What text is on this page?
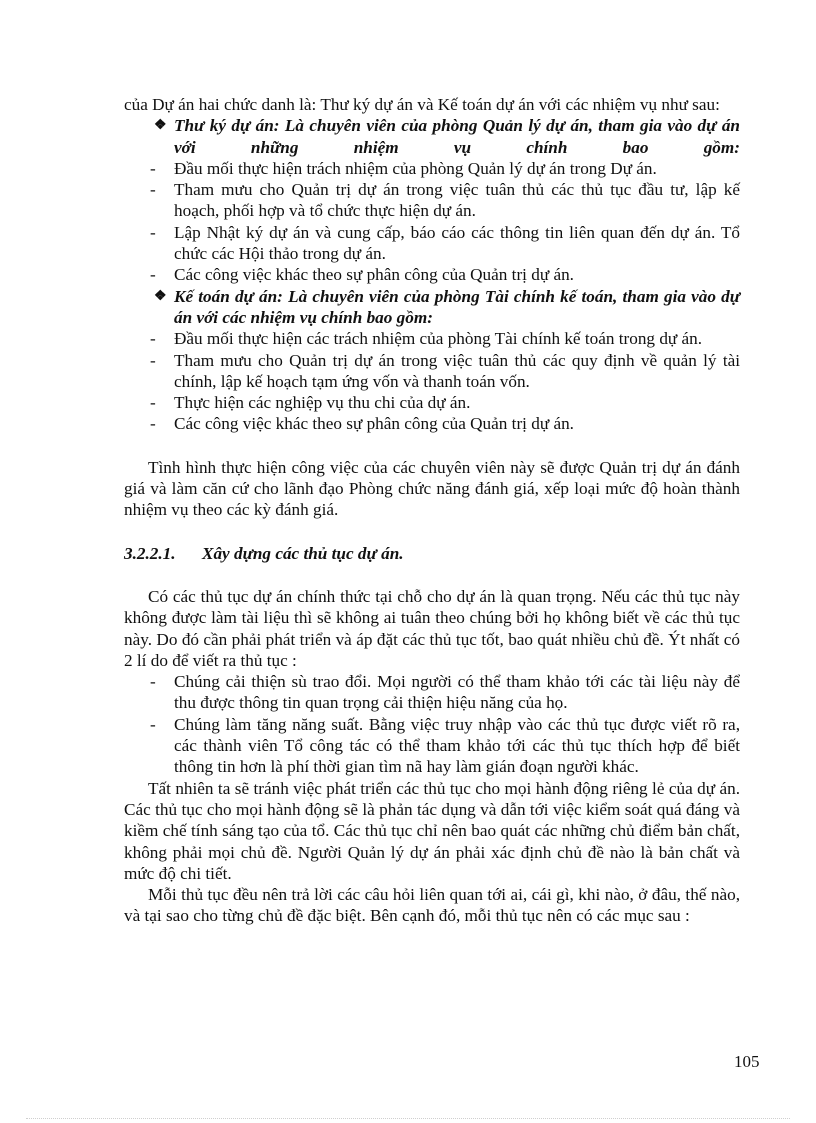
của Dự án hai chức danh là: Thư ký dự án và Kế toán dự án với các nhiệm vụ như sau:

❖ Thư ký dự án: Là chuyên viên của phòng Quản lý dự án, tham gia vào dự án với những nhiệm vụ chính bao gồm:

- Đầu mối thực hiện trách nhiệm của phòng Quản lý dự án trong Dự án.

- Tham mưu cho Quản trị dự án trong việc tuân thủ các thủ tục đầu tư, lập kế hoạch, phối hợp và tổ chức thực hiện dự án.

- Lập Nhật ký dự án và cung cấp, báo cáo các thông tin liên quan đến dự án. Tổ chức các Hội thảo trong dự án.

- Các công việc khác theo sự phân công của Quản trị dự án.

❖ Kế toán dự án: Là chuyên viên của phòng Tài chính kế toán, tham gia vào dự án với các nhiệm vụ chính bao gồm:

- Đầu mối thực hiện các trách nhiệm của phòng Tài chính kế toán trong dự án.

- Tham mưu cho Quản trị dự án trong việc tuân thủ các quy định về quản lý tài chính, lập kế hoạch tạm ứng vốn và thanh toán vốn.

- Thực hiện các nghiệp vụ thu chi của dự án.

- Các công việc khác theo sự phân công của Quản trị dự án.

Tình hình thực hiện công việc của các chuyên viên này sẽ được Quản trị dự án đánh giá và làm căn cứ cho lãnh đạo Phòng chức năng đánh giá, xếp loại mức độ hoàn thành nhiệm vụ theo các kỳ đánh giá.

3.2.2.1. Xây dựng các thủ tục dự án.

Có các thủ tục dự án chính thức tại chỗ cho dự án là quan trọng. Nếu các thủ tục này không được làm tài liệu thì sẽ không ai tuân theo chúng bởi họ không biết về các thủ tục này. Do đó cần phải phát triển và áp đặt các thủ tục tốt, bao quát nhiều chủ đề. Ýt nhất có 2 lí do để viết ra thủ tục :

- Chúng cải thiện sù trao đổi. Mọi người có thể tham khảo tới các tài liệu này để thu được thông tin quan trọng cải thiện hiệu năng của họ.

- Chúng làm tăng năng suất. Bằng việc truy nhập vào các thủ tục được viết rõ ra, các thành viên Tổ công tác có thể tham khảo tới các thủ tục thích hợp để biết thông tin hơn là phí thời gian tìm nã hay làm gián đoạn người khác.

Tất nhiên ta sẽ tránh việc phát triển các thủ tục cho mọi hành động riêng lẻ của dự án. Các thủ tục cho mọi hành động sẽ là phản tác dụng và dẫn tới việc kiểm soát quá đáng và kiềm chế tính sáng tạo của tổ. Các thủ tục chỉ nên bao quát các những chủ điểm bản chất, không phải mọi chủ đề. Người Quản lý dự án phải xác định chủ đề nào là bản chất và mức độ chi tiết.

Mỗi thủ tục đều nên trả lời các câu hỏi liên quan tới ai, cái gì, khi nào, ở đâu, thế nào, và tại sao cho từng chủ đề đặc biệt. Bên cạnh đó, mỗi thủ tục nên có các mục sau :

105
